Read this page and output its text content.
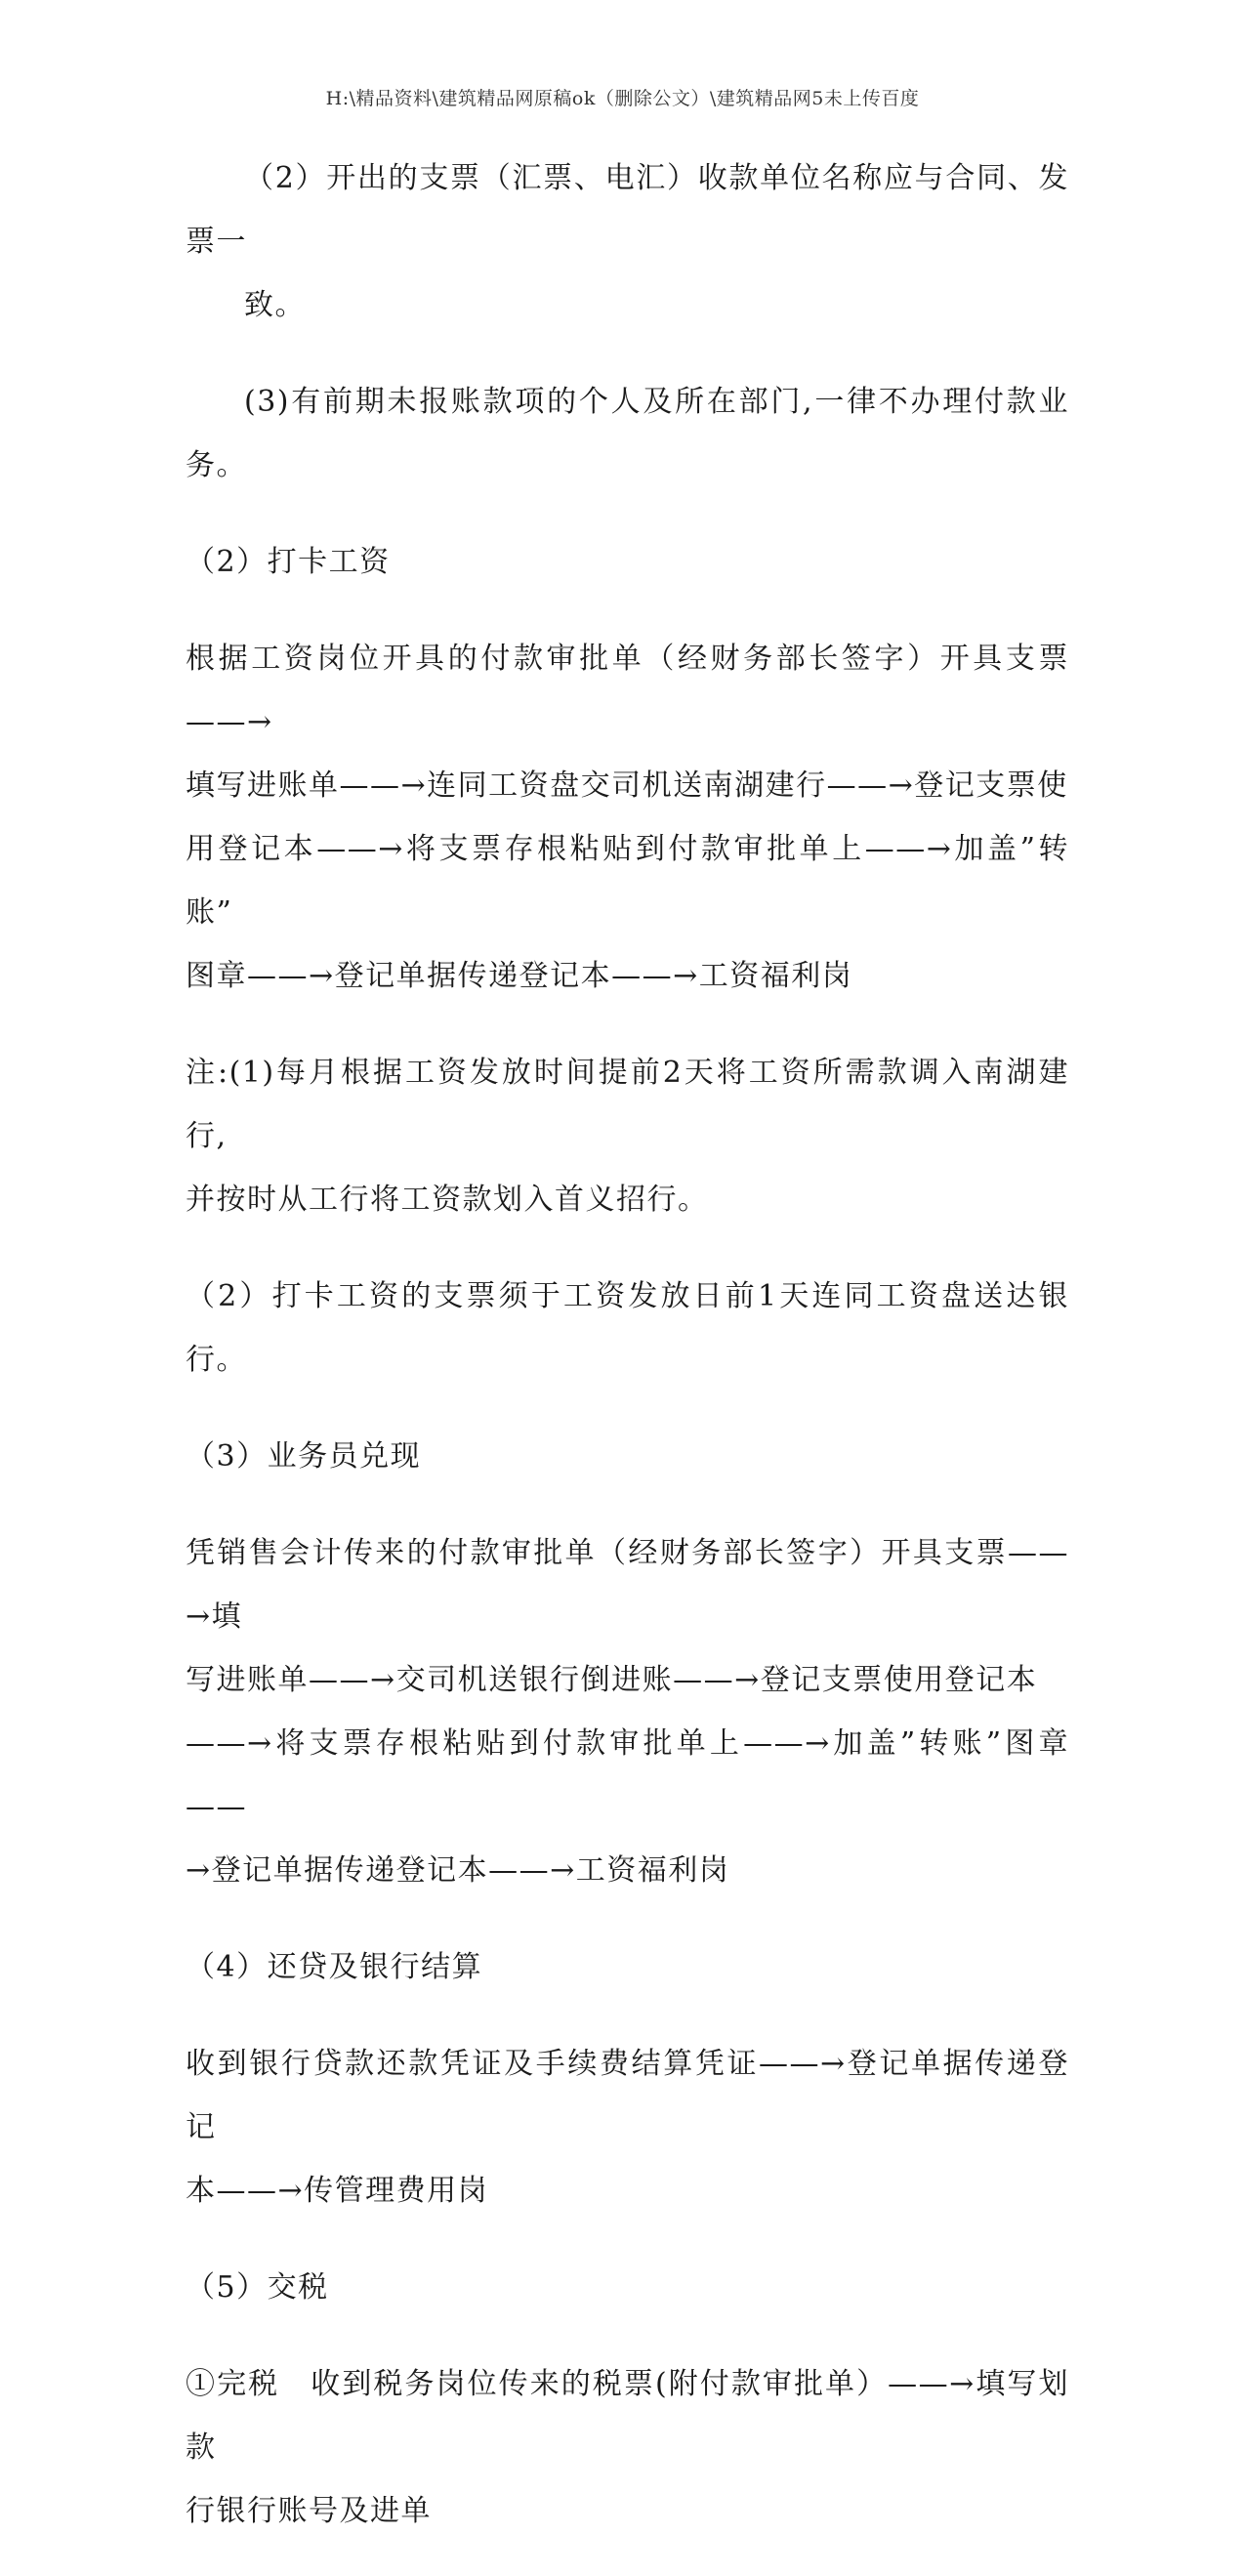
H:\精品资料\建筑精品网原稿ok（删除公文）\建筑精品网5未上传百度
（2）开出的支票（汇票、电汇）收款单位名称应与合同、发票一
致。
(3)有前期未报账款项的个人及所在部门,一律不办理付款业务。
（2）打卡工资
根据工资岗位开具的付款审批单（经财务部长签字）开具支票——→
填写进账单——→连同工资盘交司机送南湖建行——→登记支票使
用登记本——→将支票存根粘贴到付款审批单上——→加盖”转账”
图章——→登记单据传递登记本——→工资福利岗
注:(1)每月根据工资发放时间提前2天将工资所需款调入南湖建行,
并按时从工行将工资款划入首义招行。
（2）打卡工资的支票须于工资发放日前1天连同工资盘送达银行。
（3）业务员兑现
凭销售会计传来的付款审批单（经财务部长签字）开具支票——→填
写进账单——→交司机送银行倒进账——→登记支票使用登记本
——→将支票存根粘贴到付款审批单上——→加盖”转账”图章——
→登记单据传递登记本——→工资福利岗
（4）还贷及银行结算
收到银行贷款还款凭证及手续费结算凭证——→登记单据传递登记
本——→传管理费用岗
（5）交税
①完税　收到税务岗位传来的税票(附付款审批单）——→填写划款
行银行账号及进单
